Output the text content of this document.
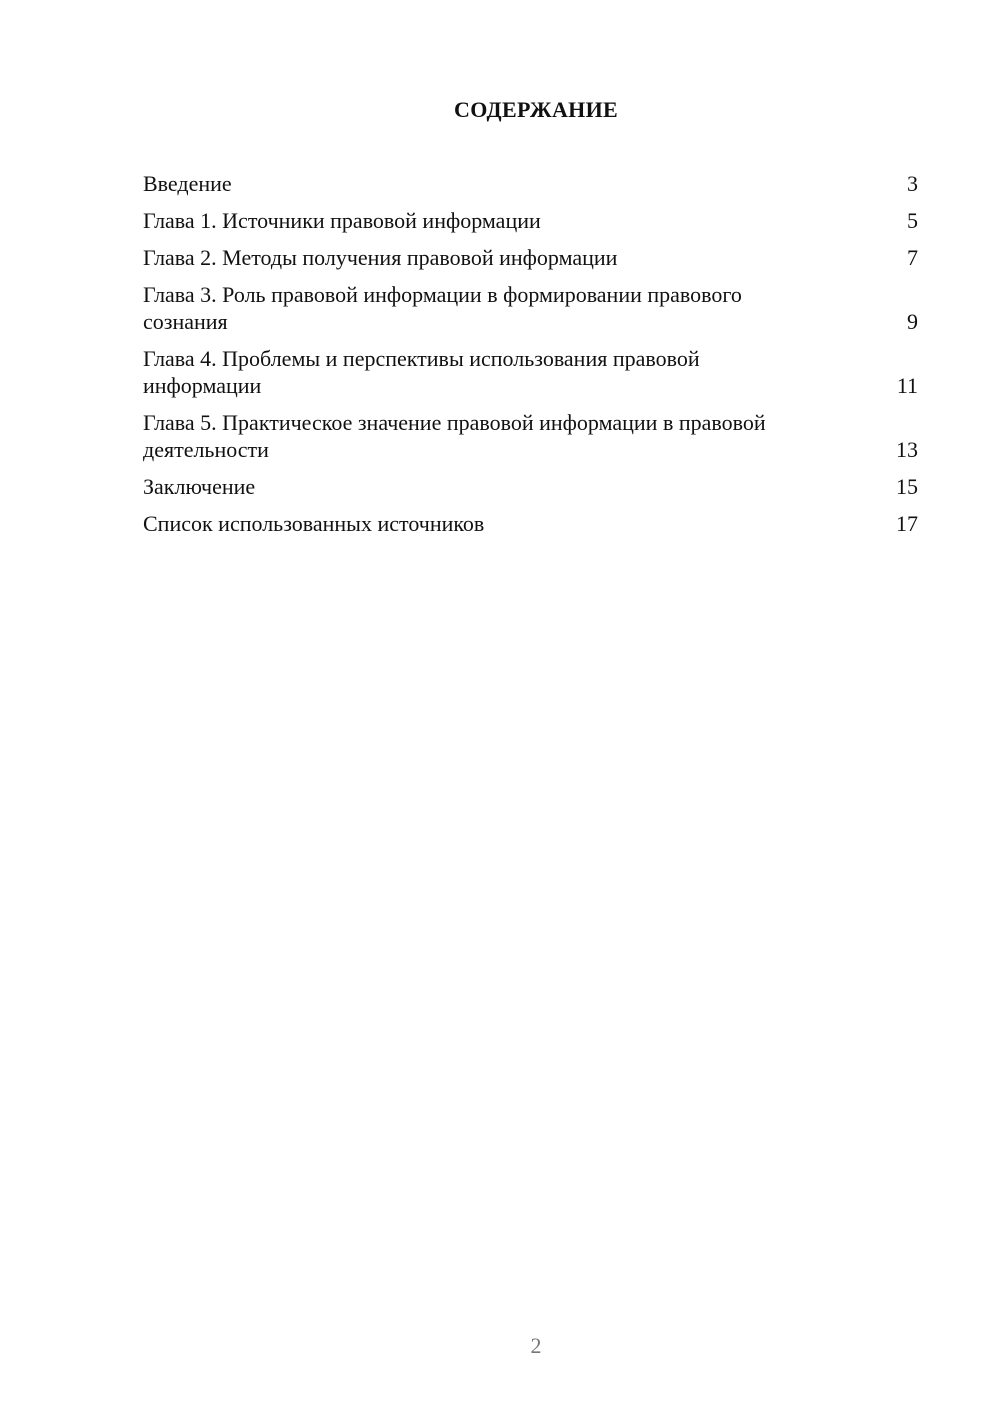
СОДЕРЖАНИЕ
Введение	3
Глава 1. Источники правовой информации	5
Глава 2. Методы получения правовой информации	7
Глава 3. Роль правовой информации в формировании правового сознания	9
Глава 4. Проблемы и перспективы использования правовой информации	11
Глава 5. Практическое значение правовой информации в правовой деятельности	13
Заключение	15
Список использованных источников	17
2
